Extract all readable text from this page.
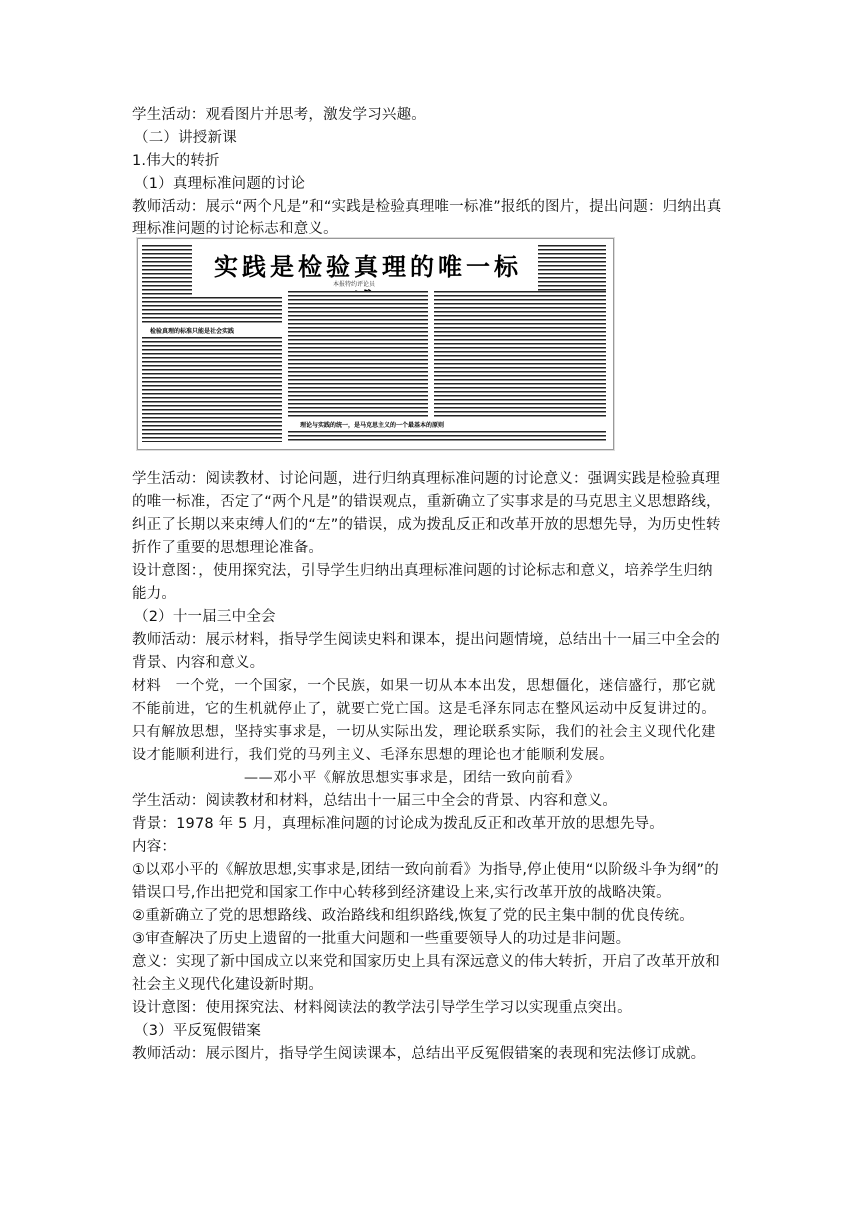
学生活动：观看图片并思考，激发学习兴趣。
（二）讲授新课
1.伟大的转折
（1）真理标准问题的讨论
教师活动：展示“两个凡是”和“实践是检验真理唯一标准”报纸的图片，提出问题：归纳出真
理标准问题的讨论标志和意义。
实践是检验真理的唯一标
本报特约评论员
检验真理的标准只能是社会实践
理论与实践的统一，是马克思主义的一个最基本的原则
学生活动：阅读教材、讨论问题，进行归纳真理标准问题的讨论意义：强调实践是检验真理
的唯一标准，否定了“两个凡是”的错误观点，重新确立了实事求是的马克思主义思想路线，
纠正了长期以来束缚人们的“左”的错误，成为拨乱反正和改革开放的思想先导，为历史性转
折作了重要的思想理论准备。
设计意图：，使用探究法，引导学生归纳出真理标准问题的讨论标志和意义，培养学生归纳
能力。
（2）十一届三中全会
教师活动：展示材料，指导学生阅读史料和课本，提出问题情境，总结出十一届三中全会的
背景、内容和意义。
材料　一个党，一个国家，一个民族，如果一切从本本出发，思想僵化，迷信盛行，那它就
不能前进，它的生机就停止了，就要亡党亡国。这是毛泽东同志在整风运动中反复讲过的。
只有解放思想，坚持实事求是，一切从实际出发，理论联系实际，我们的社会主义现代化建
设才能顺利进行，我们党的马列主义、毛泽东思想的理论也才能顺利发展。
——邓小平《解放思想实事求是，团结一致向前看》
学生活动：阅读教材和材料，总结出十一届三中全会的背景、内容和意义。
背景：1978 年 5 月，真理标准问题的讨论成为拨乱反正和改革开放的思想先导。
内容：
①以邓小平的《解放思想,实事求是,团结一致向前看》为指导,停止使用“以阶级斗争为纲”的
错误口号,作出把党和国家工作中心转移到经济建设上来,实行改革开放的战略决策。
②重新确立了党的思想路线、政治路线和组织路线,恢复了党的民主集中制的优良传统。
③审查解决了历史上遗留的一批重大问题和一些重要领导人的功过是非问题。
意义：实现了新中国成立以来党和国家历史上具有深远意义的伟大转折，开启了改革开放和
社会主义现代化建设新时期。
设计意图：使用探究法、材料阅读法的教学法引导学生学习以实现重点突出。
（3）平反冤假错案
教师活动：展示图片，指导学生阅读课本，总结出平反冤假错案的表现和宪法修订成就。
